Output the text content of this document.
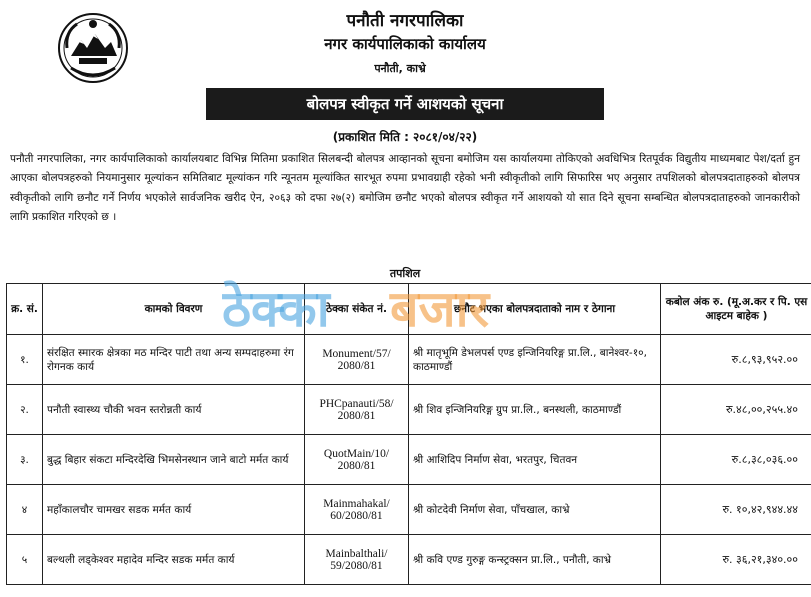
पनौती नगरपालिका
नगर कार्यपालिकाको कार्यालय
पनौती, काभ्रे
बोलपत्र स्वीकृत गर्ने आशयको सूचना
(प्रकाशित मिति : २०८१/०४/२२)
पनौती नगरपालिका, नगर कार्यपालिकाको कार्यालयबाट विभिन्न मितिमा प्रकाशित सिलबन्दी बोलपत्र आव्हानको सूचना बमोजिम यस कार्यालयमा तोकिएको अवधिभित्र रितपूर्वक विद्युतीय माध्यमबाट पेश/दर्ता हुन आएका बोलपत्रहरुको नियमानुसार मूल्यांकन समितिबाट मूल्यांकन गरि न्यूनतम मूल्यांकित सारभूत रुपमा प्रभावग्राही रहेको भनी स्वीकृतीको लागि सिफारिस भए अनुसार तपशिलको बोलपत्रदाताहरुको बोलपत्र स्वीकृतीको लागि छनौट गर्ने निर्णय भएकोले सार्वजनिक खरीद ऐन, २०६३ को दफा २७(२) बमोजिम छनौट भएको बोलपत्र स्वीकृत गर्ने आशयको यो सात दिने सूचना सम्बन्धित बोलपत्रदाताहरुको जानकारीको लागि प्रकाशित गरिएको छ ।
तपशिल
क्र. सं.	कामको विवरण	ठेक्का संकेत नं.	छनौट भएका बोलपत्रदाताको नाम र ठेगाना	कबोल अंक रु. (मू.अ.कर र पि. एस आइटम बाहेक )
१.	संरक्षित स्मारक क्षेत्रका मठ मन्दिर पाटी तथा अन्य सम्पदाहरुमा रंग रोगनक कार्य	Monument/57/ 2080/81	श्री मातृभूमि डेभलपर्स एण्ड इन्जिनियरिङ्ग प्रा.लि., बानेश्वर-१०, काठमाण्डौं	रु.८,९३,९५२.००
२.	पनौती स्वास्थ्य चौकी भवन स्तरोन्नती कार्य	PHCpanauti/58/ 2080/81	श्री शिव इन्जिनियरिङ्ग ग्रुप प्रा.लि., बनस्थली, काठमाण्डौं	रु.४८,००,२५५.४०
३.	बुद्ध बिहार संकटा मन्दिरदेखि भिमसेनस्थान जाने बाटो मर्मत कार्य	QuotMain/10/ 2080/81	श्री आशिदिप निर्माण सेवा, भरतपुर, चितवन	रु.८,३८,०३६.००
४	महाँकालचौर चामखर सडक मर्मत कार्य	Mainmahakal/ 60/2080/81	श्री कोटदेवी निर्माण सेवा, पाँचखाल, काभ्रे	रु. १०,४२,९४४.४४
५	बल्थली लड्केश्वर महादेव मन्दिर सडक मर्मत कार्य	Mainbalthali/ 59/2080/81	श्री कवि एण्ड गुरुङ्ग कन्स्ट्रक्सन प्रा.लि., पनौती, काभ्रे	रु. ३६,२१,३४०.००
ठेक्का बजार
